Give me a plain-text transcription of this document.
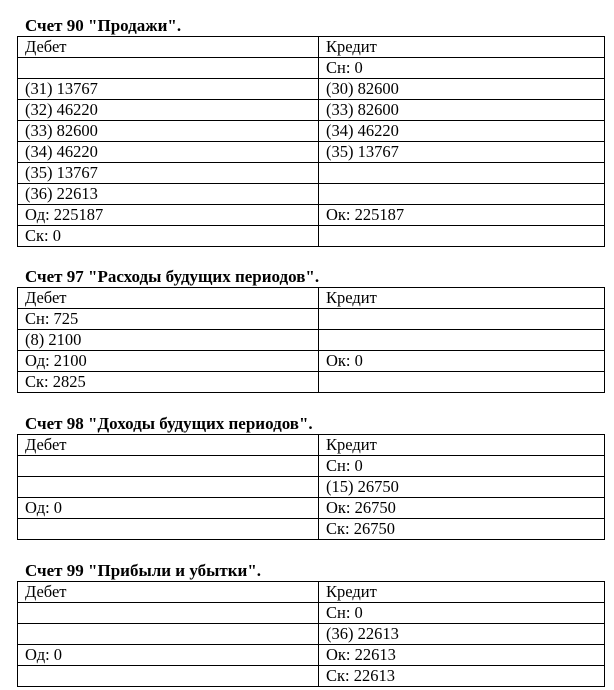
Счет 90 "Продажи".
Дебет	Кредит
	Сн: 0
(31) 13767	(30) 82600
(32) 46220	(33) 82600
(33) 82600	(34) 46220
(34) 46220	(35) 13767
(35) 13767	
(36) 22613	
Од: 225187	Ок: 225187
Ск: 0	
Счет 97 "Расходы будущих периодов".
Дебет	Кредит
Сн: 725	
(8) 2100	
Од: 2100	Ок: 0
Ск: 2825	
Счет 98 "Доходы будущих периодов".
Дебет	Кредит
	Сн: 0
	(15) 26750
Од: 0	Ок: 26750
	Ск: 26750
Счет 99 "Прибыли и убытки".
Дебет	Кредит
	Сн: 0
	(36) 22613
Од: 0	Ок: 22613
	Ск: 22613
